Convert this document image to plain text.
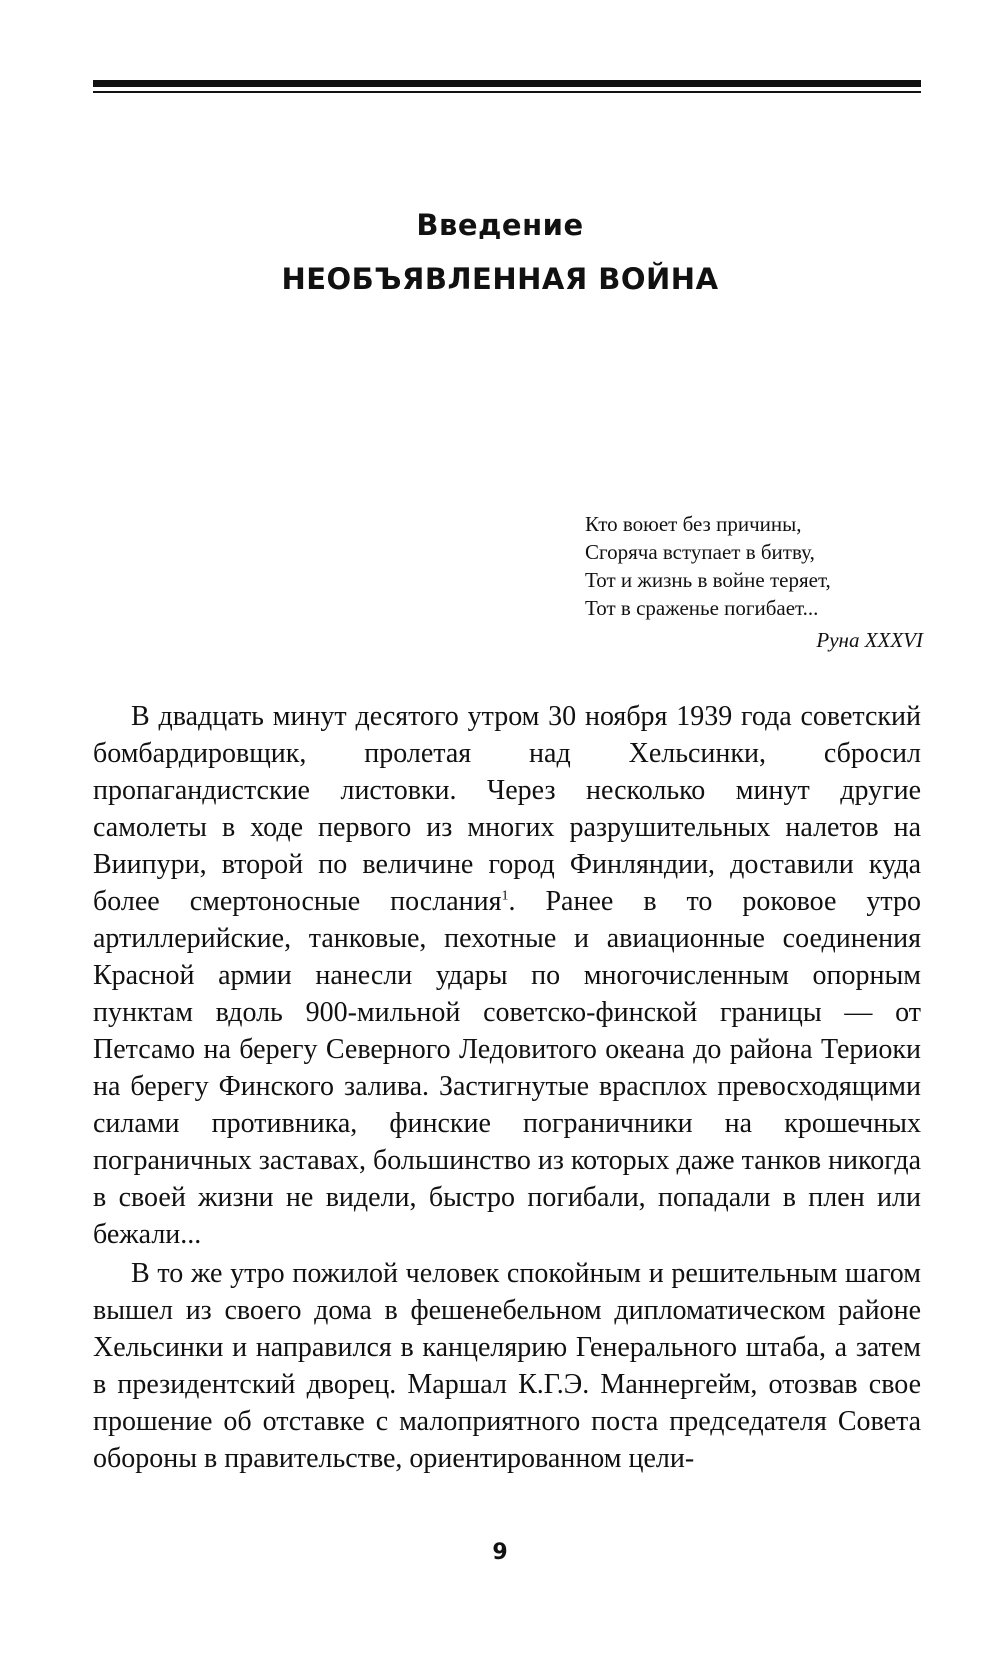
Введение
НЕОБЪЯВЛЕННАЯ ВОЙНА
Кто воюет без причины,
Сгоряча вступает в битву,
Тот и жизнь в войне теряет,
Тот в сраженье погибает...
Руна XXXVI

В двадцать минут десятого утром 30 ноября 1939 года советский бомбардировщик, пролетая над Хельсинки, сбросил пропагандистские листовки. Через несколько минут другие самолеты в ходе первого из многих разрушительных налетов на Виипури, второй по величине город Финляндии, доставили куда более смертоносные послания$^1$. Ранее в то роковое утро артиллерийские, танковые, пехотные и авиационные соединения Красной армии нанесли удары по многочисленным опорным пунктам вдоль 900-мильной советско-финской границы — от Петсамо на берегу Северного Ледовитого океана до района Териоки на берегу Финского залива. Застигнутые врасплох превосходящими силами противника, финские пограничники на крошечных пограничных заставах, большинство из которых даже танков никогда в своей жизни не видели, быстро погибали, попадали в плен или бежали...

В то же утро пожилой человек спокойным и решительным шагом вышел из своего дома в фешенебельном дипломатическом районе Хельсинки и направился в канцелярию Генерального штаба, а затем в президентский дворец. Маршал К.Г.Э. Маннергейм, отозвав свое прошение об отставке с малоприятного поста председателя Совета обороны в правительстве, ориентированном цели-

9
